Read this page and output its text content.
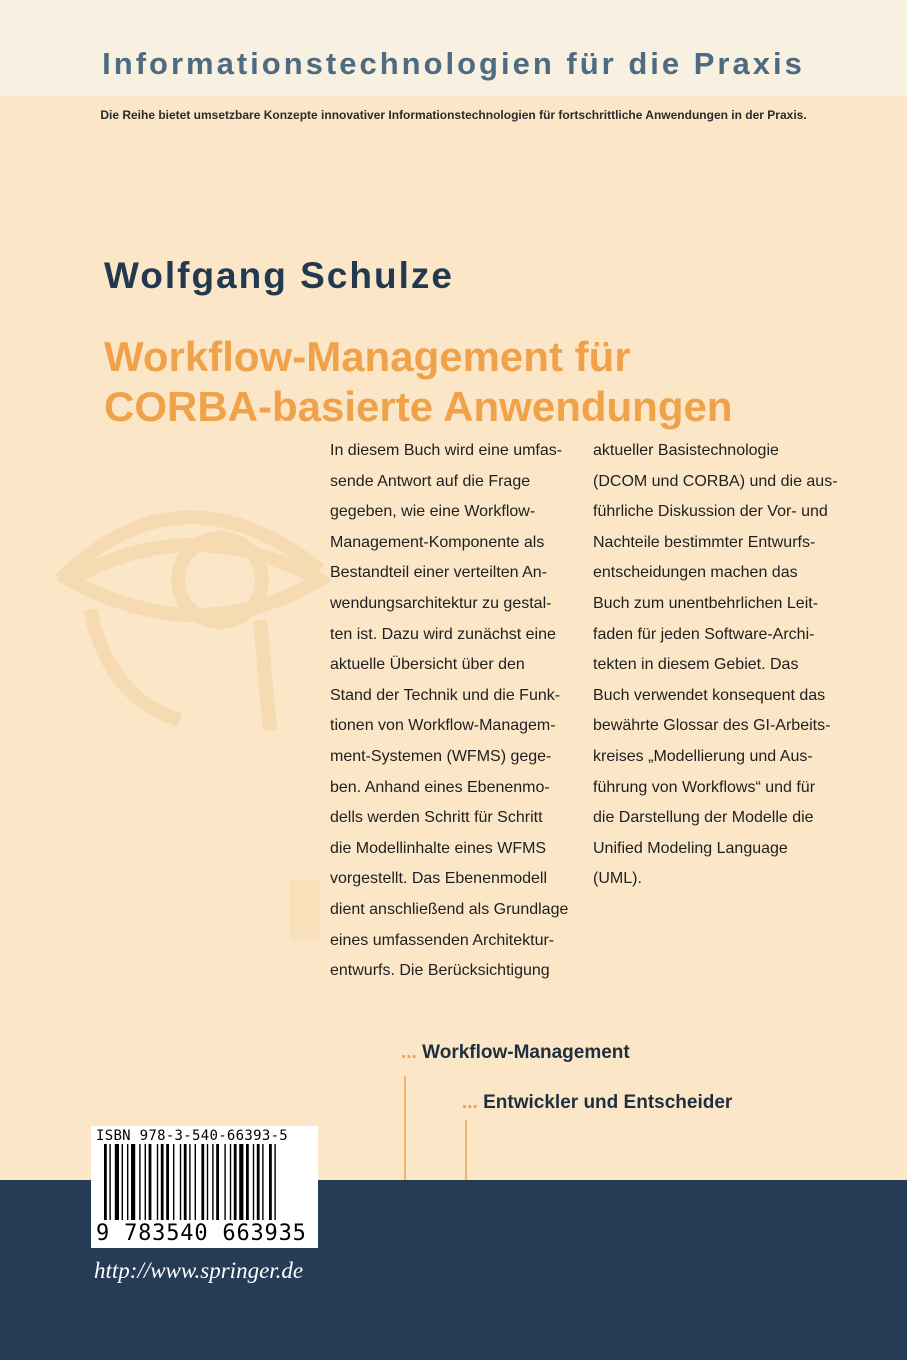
Informationstechnologien für die Praxis
Die Reihe bietet umsetzbare Konzepte innovativer Informationstechnologien für fortschrittliche Anwendungen in der Praxis.
Wolfgang Schulze
Workflow-Management für
CORBA-basierte Anwendungen
In diesem Buch wird eine umfas-
sende Antwort auf die Frage
gegeben, wie eine Workflow-
Management-Komponente als
Bestandteil einer verteilten An-
wendungsarchitektur zu gestal-
ten ist. Dazu wird zunächst eine
aktuelle Übersicht über den
Stand der Technik und die Funk-
tionen von Workflow-Managem-
ment-Systemen (WFMS) gege-
ben. Anhand eines Ebenenmo-
dells werden Schritt für Schritt
die Modellinhalte eines WFMS
vorgestellt. Das Ebenenmodell
dient anschließend als Grundlage
eines umfassenden Architektur-
entwurfs. Die Berücksichtigung
aktueller Basistechnologie
(DCOM und CORBA) und die aus-
führliche Diskussion der Vor- und
Nachteile bestimmter Entwurfs-
entscheidungen machen das
Buch zum unentbehrlichen Leit-
faden für jeden Software-Archi-
tekten in diesem Gebiet. Das
Buch verwendet konsequent das
bewährte Glossar des GI-Arbeits-
kreises „Modellierung und Aus-
führung von Workflows“ und für
die Darstellung der Modelle die
Unified Modeling Language
(UML).
... Workflow-Management
... Entwickler und Entscheider
ISBN 978-3-540-66393-5
9 783540 663935
http://www.springer.de
